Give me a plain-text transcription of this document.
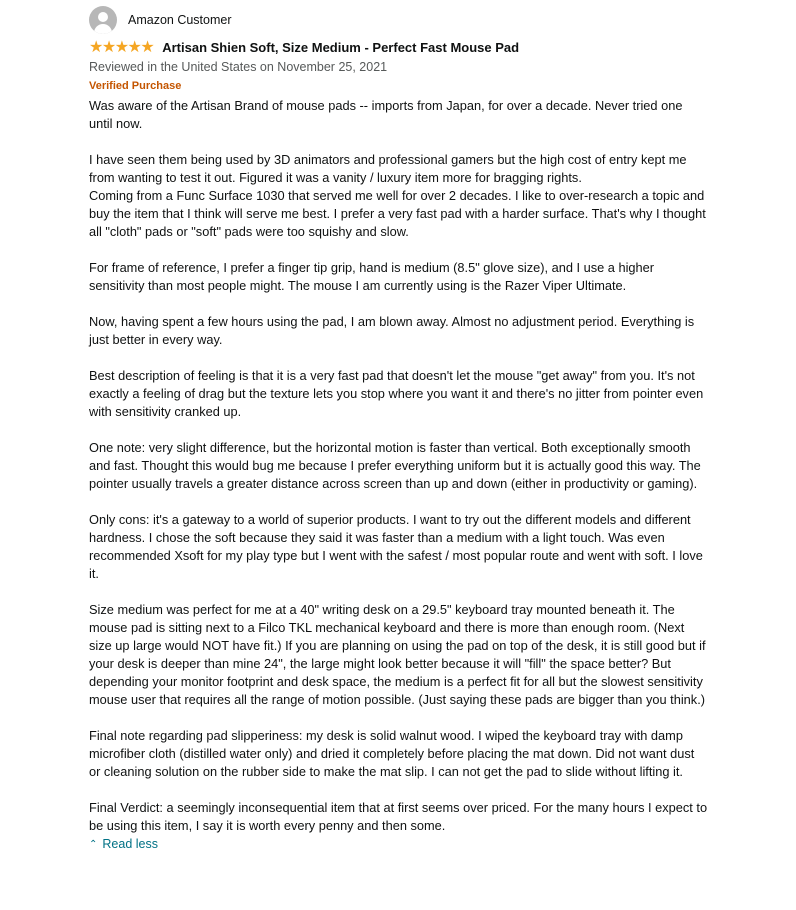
Amazon Customer
★ ★ ★ ★ ★ Artisan Shien Soft, Size Medium - Perfect Fast Mouse Pad
Reviewed in the United States on November 25, 2021
Verified Purchase

Was aware of the Artisan Brand of mouse pads -- imports from Japan, for over a decade. Never tried one until now.

I have seen them being used by 3D animators and professional gamers but the high cost of entry kept me from wanting to test it out. Figured it was a vanity / luxury item more for bragging rights.
Coming from a Func Surface 1030 that served me well for over 2 decades. I like to over-research a topic and buy the item that I think will serve me best. I prefer a very fast pad with a harder surface. That's why I thought all "cloth" pads or "soft" pads were too squishy and slow.

For frame of reference, I prefer a finger tip grip, hand is medium (8.5" glove size), and I use a higher sensitivity than most people might. The mouse I am currently using is the Razer Viper Ultimate.

Now, having spent a few hours using the pad, I am blown away. Almost no adjustment period. Everything is just better in every way.

Best description of feeling is that it is a very fast pad that doesn't let the mouse "get away" from you. It's not exactly a feeling of drag but the texture lets you stop where you want it and there's no jitter from pointer even with sensitivity cranked up.

One note: very slight difference, but the horizontal motion is faster than vertical. Both exceptionally smooth and fast. Thought this would bug me because I prefer everything uniform but it is actually good this way. The pointer usually travels a greater distance across screen than up and down (either in productivity or gaming).

Only cons: it's a gateway to a world of superior products. I want to try out the different models and different hardness. I chose the soft because they said it was faster than a medium with a light touch. Was even recommended Xsoft for my play type but I went with the safest / most popular route and went with soft. I love it.

Size medium was perfect for me at a 40" writing desk on a 29.5" keyboard tray mounted beneath it. The mouse pad is sitting next to a Filco TKL mechanical keyboard and there is more than enough room. (Next size up large would NOT have fit.) If you are planning on using the pad on top of the desk, it is still good but if your desk is deeper than mine 24", the large might look better because it will "fill" the space better? But depending your monitor footprint and desk space, the medium is a perfect fit for all but the slowest sensitivity mouse user that requires all the range of motion possible. (Just saying these pads are bigger than you think.)

Final note regarding pad slipperiness: my desk is solid walnut wood. I wiped the keyboard tray with damp microfiber cloth (distilled water only) and dried it completely before placing the mat down. Did not want dust or cleaning solution on the rubber side to make the mat slip. I can not get the pad to slide without lifting it.

Final Verdict: a seemingly inconsequential item that at first seems over priced. For the many hours I expect to be using this item, I say it is worth every penny and then some.

⌃ Read less
